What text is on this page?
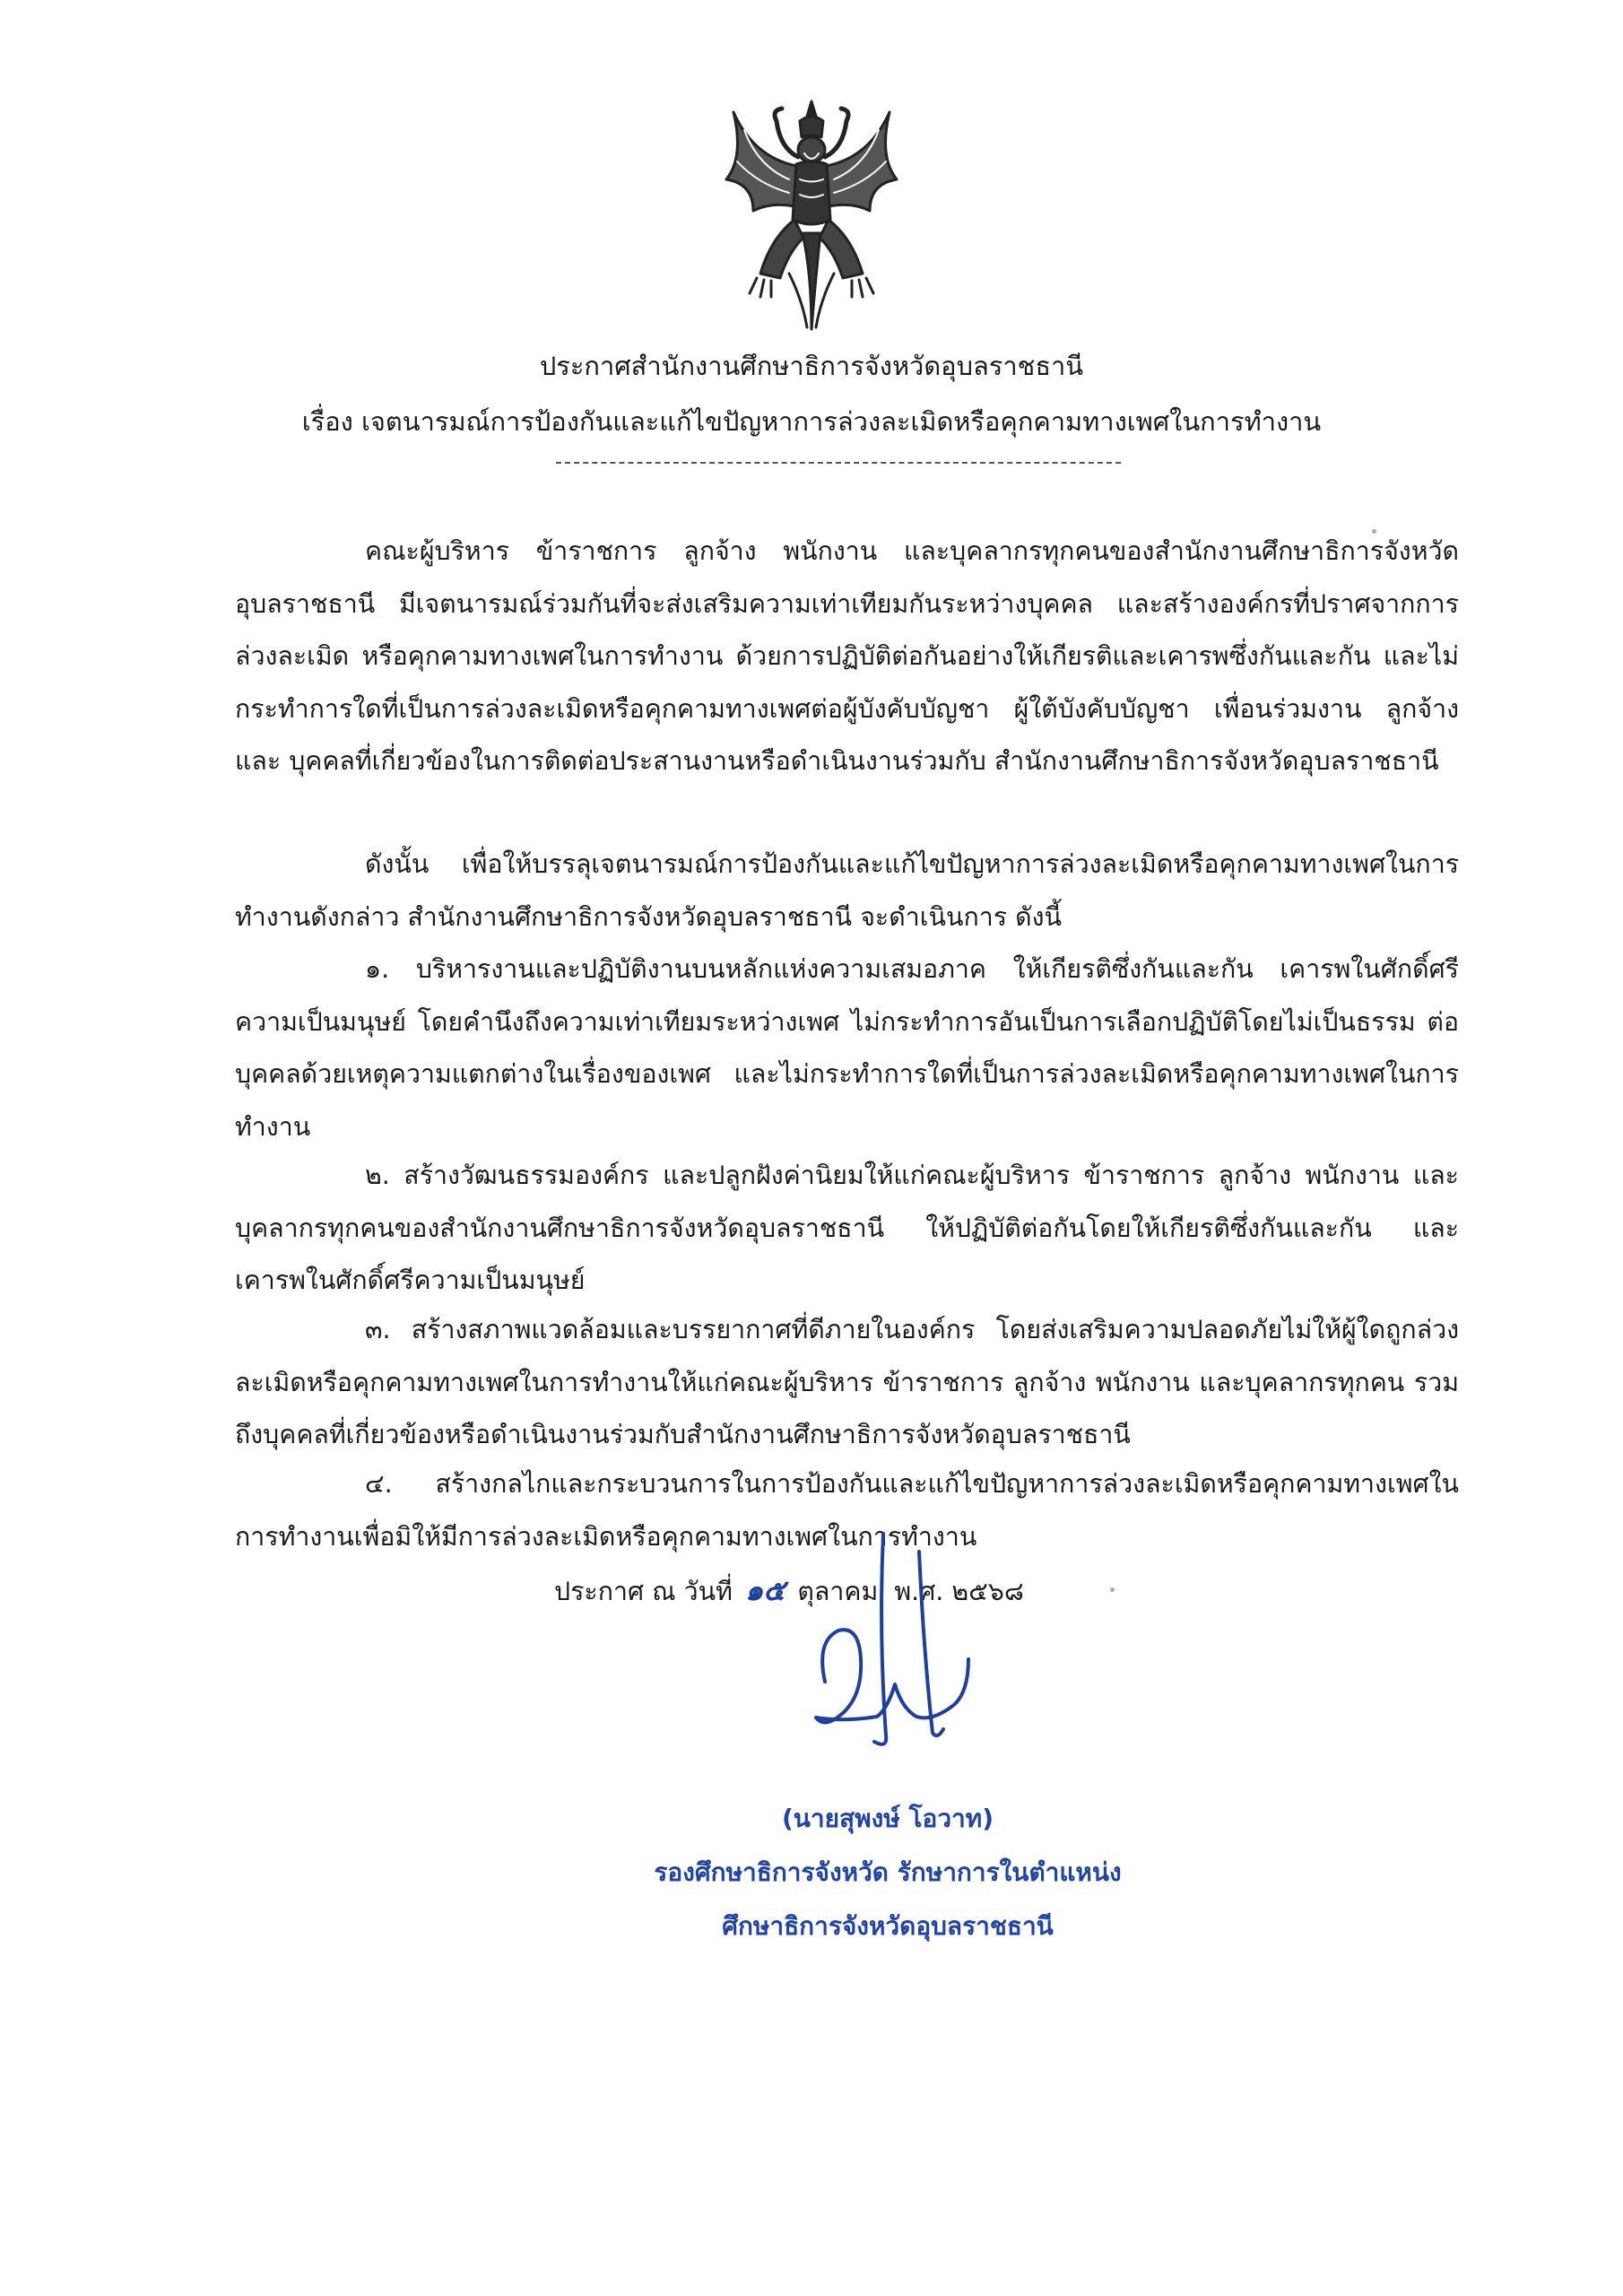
ประกาศสำนักงานศึกษาธิการจังหวัดอุบลราชธานี
เรื่อง เจตนารมณ์การป้องกันและแก้ไขปัญหาการล่วงละเมิดหรือคุกคามทางเพศในการทำงาน
คณะผู้บริหาร ข้าราชการ ลูกจ้าง พนักงาน และบุคลากรทุกคนของสำนักงานศึกษาธิการจังหวัดอุบลราชธานี มีเจตนารมณ์ร่วมกันที่จะส่งเสริมความเท่าเทียมกันระหว่างบุคคล และสร้างองค์กรที่ปราศจากการล่วงละเมิด หรือคุกคามทางเพศในการทำงาน ด้วยการปฏิบัติต่อกันอย่างให้เกียรติและเคารพซึ่งกันและกัน และไม่กระทำการใดที่เป็นการล่วงละเมิดหรือคุกคามทางเพศต่อผู้บังคับบัญชา ผู้ใต้บังคับบัญชา เพื่อนร่วมงาน ลูกจ้าง และ บุคคลที่เกี่ยวข้องในการติดต่อประสานงานหรือดำเนินงานร่วมกับ สำนักงานศึกษาธิการจังหวัดอุบลราชธานี
ดังนั้น เพื่อให้บรรลุเจตนารมณ์การป้องกันและแก้ไขปัญหาการล่วงละเมิดหรือคุกคามทางเพศในการทำงานดังกล่าว สำนักงานศึกษาธิการจังหวัดอุบลราชธานี จะดำเนินการ ดังนี้
๑. บริหารงานและปฏิบัติงานบนหลักแห่งความเสมอภาค ให้เกียรติซึ่งกันและกัน เคารพในศักดิ์ศรีความเป็นมนุษย์ โดยคำนึงถึงความเท่าเทียมระหว่างเพศ ไม่กระทำการอันเป็นการเลือกปฏิบัติโดยไม่เป็นธรรม ต่อบุคคลด้วยเหตุความแตกต่างในเรื่องของเพศ และไม่กระทำการใดที่เป็นการล่วงละเมิดหรือคุกคามทางเพศในการทำงาน
๒. สร้างวัฒนธรรมองค์กร และปลูกฝังค่านิยมให้แก่คณะผู้บริหาร ข้าราชการ ลูกจ้าง พนักงาน และบุคลากรทุกคนของสำนักงานศึกษาธิการจังหวัดอุบลราชธานี ให้ปฏิบัติต่อกันโดยให้เกียรติซึ่งกันและกัน และเคารพในศักดิ์ศรีความเป็นมนุษย์
๓. สร้างสภาพแวดล้อมและบรรยากาศที่ดีภายในองค์กร โดยส่งเสริมความปลอดภัยไม่ให้ผู้ใดถูกล่วงละเมิดหรือคุกคามทางเพศในการทำงานให้แก่คณะผู้บริหาร ข้าราชการ ลูกจ้าง พนักงาน และบุคลากรทุกคน รวมถึงบุคคลที่เกี่ยวข้องหรือดำเนินงานร่วมกับสำนักงานศึกษาธิการจังหวัดอุบลราชธานี
๔. สร้างกลไกและกระบวนการในการป้องกันและแก้ไขปัญหาการล่วงละเมิดหรือคุกคามทางเพศในการทำงานเพื่อมิให้มีการล่วงละเมิดหรือคุกคามทางเพศในการทำงาน
ประกาศ ณ วันที่ ๑๕ ตุลาคม พ.ศ. ๒๕๖๘
(นายสุพงษ์ โอวาท)
รองศึกษาธิการจังหวัด รักษาการในตำแหน่ง
ศึกษาธิการจังหวัดอุบลราชธานี
